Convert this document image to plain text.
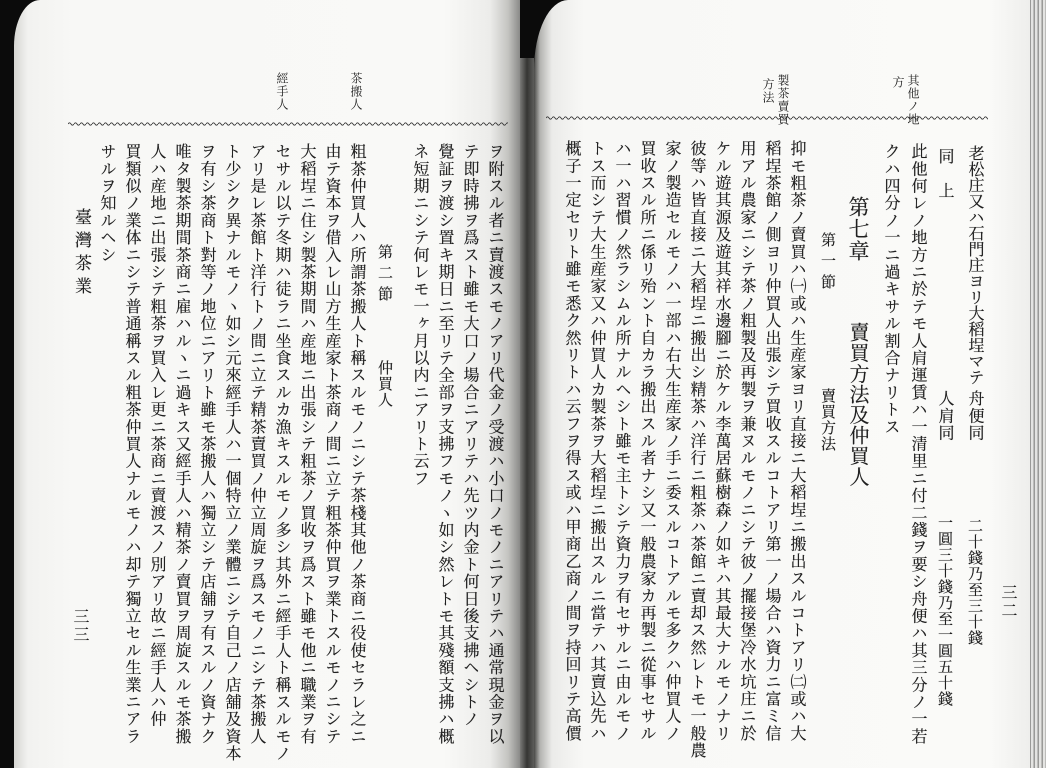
三二
其他ノ地
方
製茶賣買
方法
老松庄又ハ石門庄ヨリ大稻埕マテ
舟便同
二十錢乃至三十錢
同　上
人肩同
一圓三十錢乃至一圓五十錢
此他何レノ地方ニ於テモ人肩運賃ハ一清里ニ付二錢ヲ要シ舟便ハ其三分ノ一若
クハ四分ノ一ニ過キサル割合ナリトス
第七章
賣買方法及仲買人
第一節
賣買方法
抑モ粗茶ノ賣買ハ㈠或ハ生産家ヨリ直接ニ大稻埕ニ搬出スルコトアリ㈡或ハ大
稻埕茶館ノ側ヨリ仲買人出張シテ買收スルコトアリ第一ノ場合ハ資力ニ富ミ信
用アル農家ニシテ茶ノ粗製及再製ヲ兼ヌルモノニシテ彼ノ擺接堡冷水坑庄ニ於
ケル遊其源及遊其祥水邊腳ニ於ケル李萬居蘇樹森ノ如キハ其最大ナルモノナリ
彼等ハ皆直接ニ大稻埕ニ搬出シ精茶ハ洋行ニ粗茶ハ茶館ニ賣却ス然レトモ一般農
家ノ製造セルモノハ一部ハ右大生産家ノ手ニ委スルコトアルモ多クハ仲買人ノ
買收スル所ニ係リ殆ント自カラ搬出スル者ナシ又一般農家カ再製ニ從事セサル
ハ一ハ習慣ノ然ラシムル所ナルヘシト雖モ主トシテ資力ヲ有セサルニ由ルモノ
トス而シテ大生産家又ハ仲買人カ製茶ヲ大稻埕ニ搬出スルニ當テハ其賣込先ハ
概子一定セリト雖モ悉ク然リトハ云フヲ得ス或ハ甲商乙商ノ間ヲ持回リテ高價
茶搬人
經手人
ヲ附スル者ニ賣渡スモノアリ代金ノ受渡ハ小口ノモノニアリテハ通常現金ヲ以
テ即時拂ヲ爲スト雖モ大口ノ場合ニアリテハ先ツ内金ト何日後支拂ヘシトノ
覺証ヲ渡シ置キ期日ニ至リテ全部ヲ支拂フモノヽ如シ然レトモ其殘額支拂ハ概
ネ短期ニシテ何レモ一ヶ月以内ニアリト云フ
第二節
仲買人
粗茶仲買人ハ所謂茶搬人ト稱スルモノニシテ茶棧其他ノ茶商ニ役使セラレ之ニ
由テ資本ヲ借入レ山方生産家ト茶商ノ間ニ立テ粗茶仲買ヲ業トスルモノニシテ
大稻埕ニ住シ製茶期間ハ産地ニ出張シテ粗茶ノ買收ヲ爲スト雖モ他ニ職業ヲ有
セサル以テ冬期ハ徒ラニ坐食スルカ漁キスルモノ多シ其外ニ經手人ト稱スルモノ
アリ是レ茶館ト洋行トノ間ニ立テ精茶賣買ノ仲立周旋ヲ爲スモノニシテ茶搬人
ト少シク異ナルモノヽ如シ元來經手人ハ一個特立ノ業體ニシテ自己ノ店舖及資本
ヲ有シ茶商ト對等ノ地位ニアリト雖モ茶搬人ハ獨立シテ店舖ヲ有スルノ資ナク
唯タ製茶期間茶商ニ雇ハルヽニ過キス又經手人ハ精茶ノ賣買ヲ周旋スルモ茶搬
人ハ産地ニ出張シテ粗茶ヲ買入レ更ニ茶商ニ賣渡スノ別アリ故ニ經手人ハ仲
買類似ノ業体ニシテ普通稱スル粗茶仲買人ナルモノハ却テ獨立セル生業ニアラ
サルヲ知ルヘシ
臺灣茶業
三三
